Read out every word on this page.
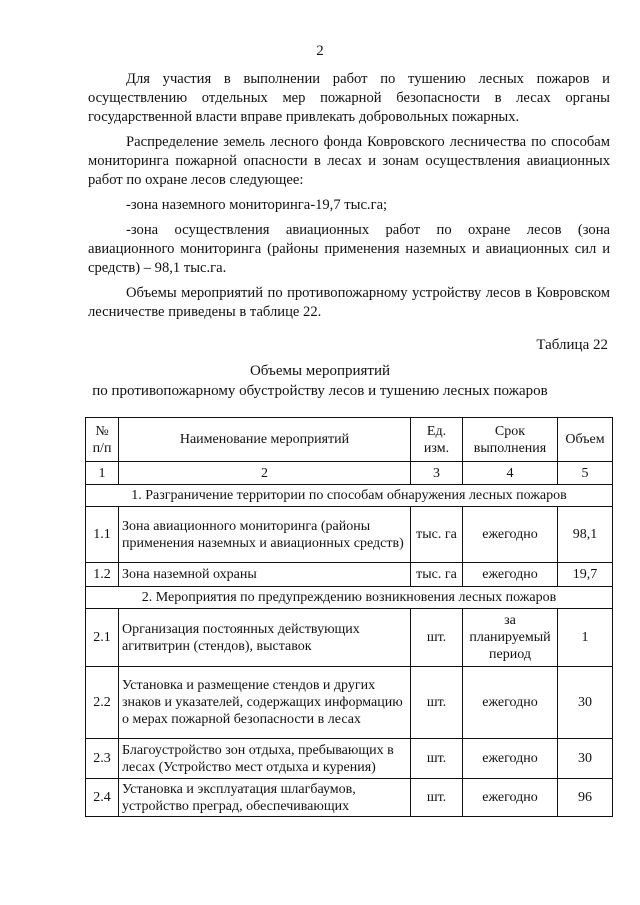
2

Для участия в выполнении работ по тушению лесных пожаров и осуществлению отдельных мер пожарной безопасности в лесах органы государственной власти вправе привлекать добровольных пожарных.

Распределение земель лесного фонда Ковровского лесничества по способам мониторинга пожарной опасности в лесах и зонам осуществления авиационных работ по охране лесов следующее:

-зона наземного мониторинга-19,7 тыс.га;

-зона осуществления авиационных работ по охране лесов (зона авиационного мониторинга (районы применения наземных и авиационных сил и средств) – 98,1 тыс.га.

Объемы мероприятий по противопожарному устройству лесов в Ковровском лесничестве приведены в таблице 22.

Таблица 22
Объемы мероприятий
по противопожарному обустройству лесов и тушению лесных пожаров
№ п/п	Наименование мероприятий	Ед. изм.	Срок выполнения	Объем
1	2	3	4	5
1. Разграничение территории по способам обнаружения лесных пожаров				
1.1	Зона авиационного мониторинга (районы применения наземных и авиационных средств)	тыс. га	ежегодно	98,1
1.2	Зона наземной охраны	тыс. га	ежегодно	19,7
2. Мероприятия по предупреждению возникновения лесных пожаров				
2.1	Организация постоянных действующих агитвитрин (стендов), выставок	шт.	за планируемый период	1
2.2	Установка и размещение стендов и других знаков и указателей, содержащих информацию о мерах пожарной безопасности в лесах	шт.	ежегодно	30
2.3	Благоустройство зон отдыха, пребывающих в лесах (Устройство мест отдыха и курения)	шт.	ежегодно	30
2.4	Установка и эксплуатация шлагбаумов, устройство преград, обеспечивающих	шт.	ежегодно	96
